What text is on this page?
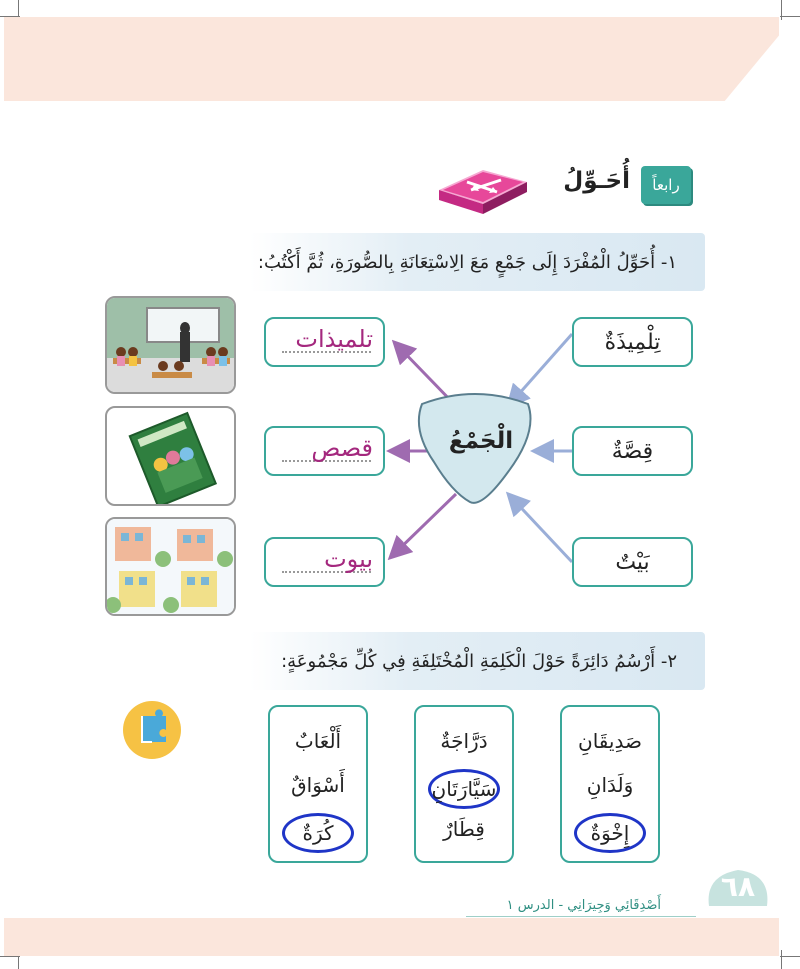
رابعاً
أُحَـوِّلُ
١- أُحَوِّلُ الْمُفْرَدَ إِلَى جَمْعٍ مَعَ الِاسْتِعَانَةِ بِالصُّورَةِ، ثُمَّ أَكْتُبُ:
الْجَمْعُ
تِلْمِيذَةٌ
قِصَّةٌ
بَيْتٌ
تلميذات
قصص
بيوت
٢- أَرْسُمُ دَائِرَةً حَوْلَ الْكَلِمَةِ الْمُخْتَلِفَةِ فِي كُلِّ مَجْمُوعَةٍ:
صَدِيقَانِ
وَلَدَانِ
إِخْوَةٌ
دَرَّاجَةٌ
سَيَّارَتَانِ
قِطَارٌ
أَلْعَابٌ
أَسْوَاقٌ
كُرَةٌ
٦٨
أَصْدِقَائِي وَجِيرَانِي - الدرس ١
